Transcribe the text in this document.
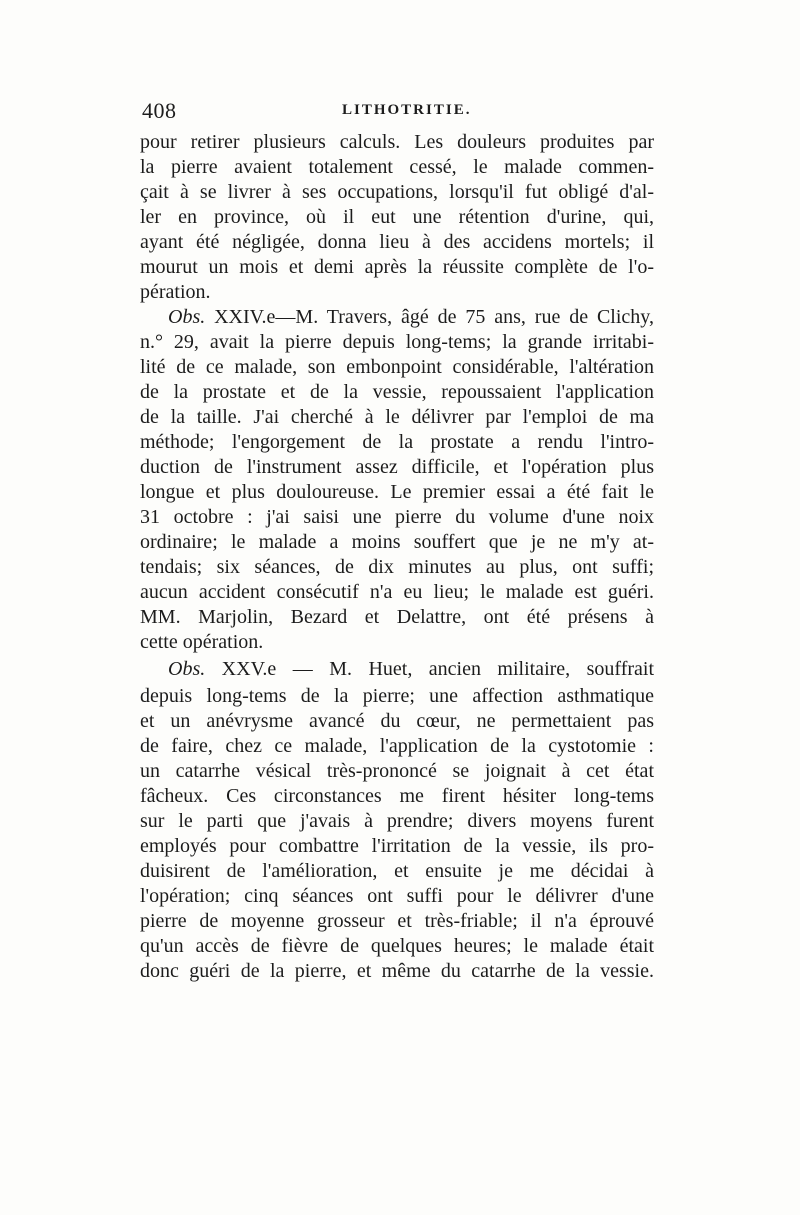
408	LITHOTRITIE.
pour retirer plusieurs calculs. Les douleurs produites par
la pierre avaient totalement cessé, le malade commen-
çait à se livrer à ses occupations, lorsqu'il fut obligé d'al-
ler en province, où il eut une rétention d'urine, qui,
ayant été négligée, donna lieu à des accidens mortels; il
mourut un mois et demi après la réussite complète de l'o-
pération.
Obs. XXIV.e—M. Travers, âgé de 75 ans, rue de Clichy,
n.° 29, avait la pierre depuis long-tems; la grande irritabi-
lité de ce malade, son embonpoint considérable, l'altération
de la prostate et de la vessie, repoussaient l'application
de la taille. J'ai cherché à le délivrer par l'emploi de ma
méthode; l'engorgement de la prostate a rendu l'intro-
duction de l'instrument assez difficile, et l'opération plus
longue et plus douloureuse. Le premier essai a été fait le
31 octobre : j'ai saisi une pierre du volume d'une noix
ordinaire; le malade a moins souffert que je ne m'y at-
tendais; six séances, de dix minutes au plus, ont suffi;
aucun accident consécutif n'a eu lieu; le malade est guéri.
MM. Marjolin, Bezard et Delattre, ont été présens à
cette opération.
Obs. XXV.e — M. Huet, ancien militaire, souffrait
depuis long-tems de la pierre; une affection asthmatique
et un anévrysme avancé du cœur, ne permettaient pas
de faire, chez ce malade, l'application de la cystotomie :
un catarrhe vésical très-prononcé se joignait à cet état
fâcheux. Ces circonstances me firent hésiter long-tems
sur le parti que j'avais à prendre; divers moyens furent
employés pour combattre l'irritation de la vessie, ils pro-
duisirent de l'amélioration, et ensuite je me décidai à
l'opération; cinq séances ont suffi pour le délivrer d'une
pierre de moyenne grosseur et très-friable; il n'a éprouvé
qu'un accès de fièvre de quelques heures; le malade était
donc guéri de la pierre, et même du catarrhe de la vessie.
